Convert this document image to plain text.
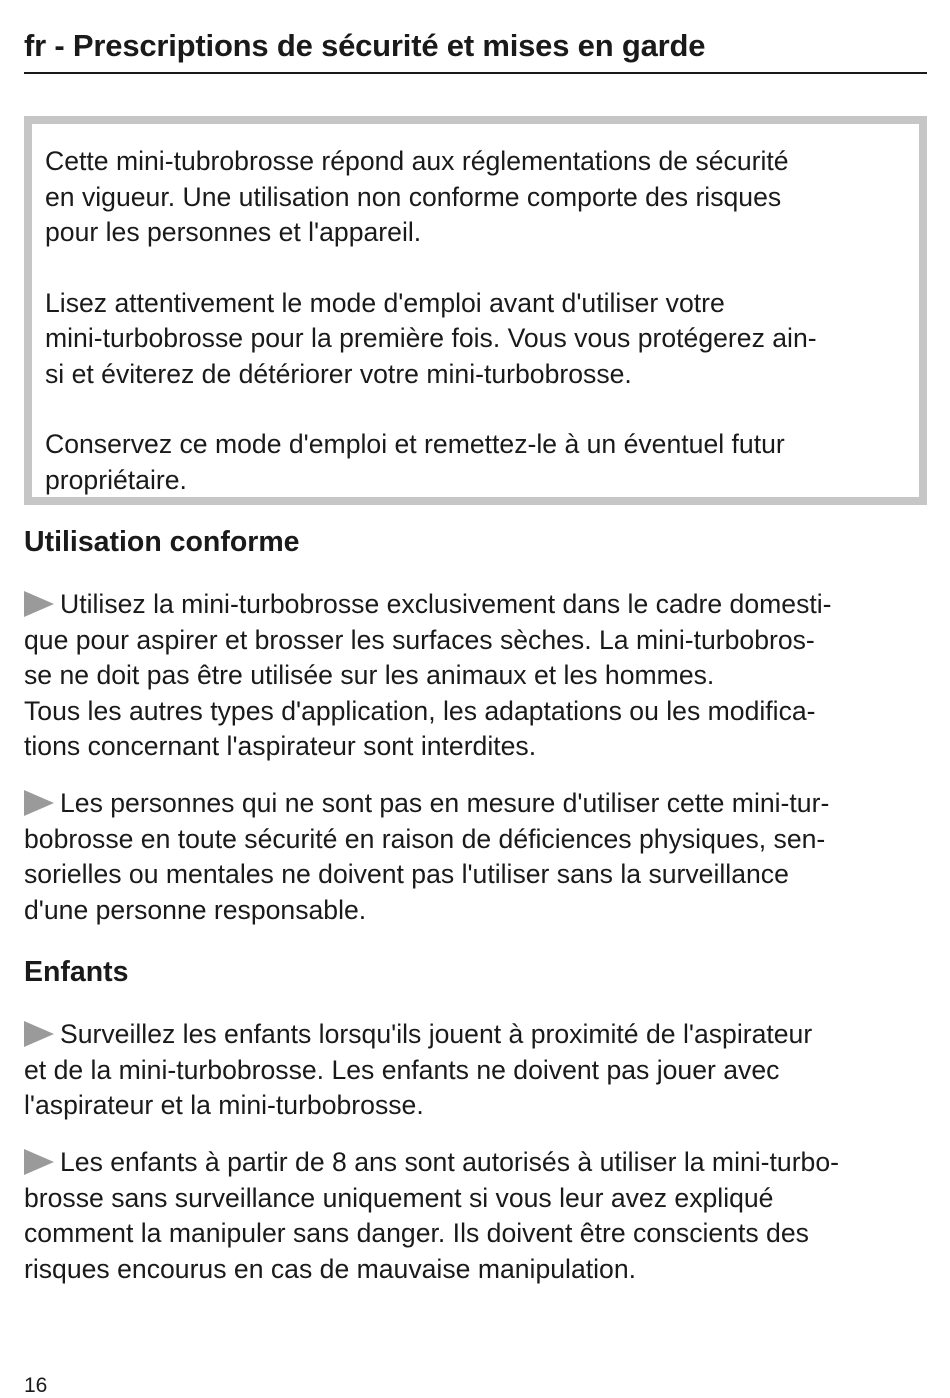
fr - Prescriptions de sécurité et mises en garde

Cette mini-tubrobrosse répond aux réglementations de sécurité
en vigueur. Une utilisation non conforme comporte des risques
pour les personnes et l'appareil.

Lisez attentivement le mode d'emploi avant d'utiliser votre
mini-turbobrosse pour la première fois. Vous vous protégerez ain-
si et éviterez de détériorer votre mini-turbobrosse.

Conservez ce mode d'emploi et remettez-le à un éventuel futur
propriétaire.

Utilisation conforme

Utilisez la mini-turbobrosse exclusivement dans le cadre domesti-
que pour aspirer et brosser les surfaces sèches. La mini-turbobros-
se ne doit pas être utilisée sur les animaux et les hommes.
Tous les autres types d'application, les adaptations ou les modifica-
tions concernant l'aspirateur sont interdites.

Les personnes qui ne sont pas en mesure d'utiliser cette mini-tur-
bobrosse en toute sécurité en raison de déficiences physiques, sen-
sorielles ou mentales ne doivent pas l'utiliser sans la surveillance
d'une personne responsable.

Enfants

Surveillez les enfants lorsqu'ils jouent à proximité de l'aspirateur
et de la mini-turbobrosse. Les enfants ne doivent pas jouer avec
l'aspirateur et la mini-turbobrosse.

Les enfants à partir de 8 ans sont autorisés à utiliser la mini-turbo-
brosse sans surveillance uniquement si vous leur avez expliqué
comment la manipuler sans danger. Ils doivent être conscients des
risques encourus en cas de mauvaise manipulation.

16
